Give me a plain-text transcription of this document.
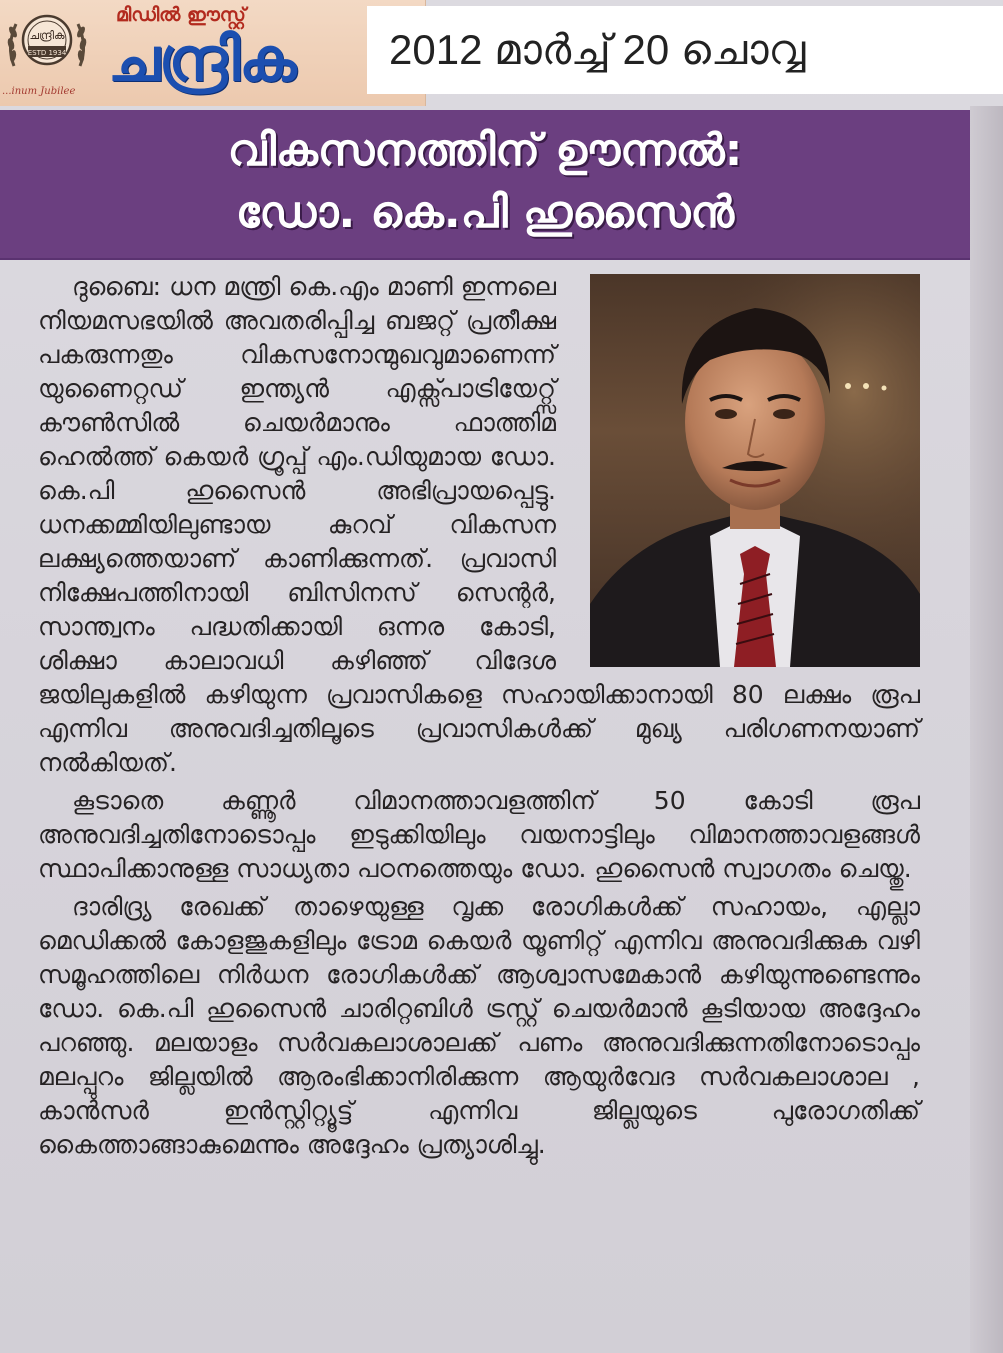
ചന്ദ്രിക
ESTD 1934
...inum Jubilee
മിഡിൽ ഈസ്റ്റ്
ചന്ദ്രിക	2012 മാർച്ച് 20 ചൊവ്വ
വികസനത്തിന് ഊന്നൽ:
ഡോ. കെ.പി ഹുസൈൻ

ദുബൈ: ധന മന്ത്രി കെ.എം മാണി ഇന്നലെ നിയമസഭയിൽ അവതരിപ്പിച്ച ബജറ്റ് പ്രതീക്ഷ പകരുന്നതും വികസനോന്മുഖവുമാണെന്ന് യുണൈറ്റഡ് ഇന്ത്യൻ എക്സ്പാട്രിയേറ്റ്സ് കൗൺസിൽ ചെയർമാനും ഫാത്തിമ ഹെൽത്ത് കെയർ ഗ്രൂപ്പ് എം.ഡിയുമായ ഡോ. കെ.പി ഹുസൈൻ അഭിപ്രായപ്പെട്ടു. ധനക്കമ്മിയിലുണ്ടായ കുറവ് വികസന ലക്ഷ്യത്തെയാണ് കാണിക്കുന്നത്. പ്രവാസി നിക്ഷേപത്തിനായി ബിസിനസ് സെന്റർ, സാന്ത്വനം പദ്ധതിക്കായി ഒന്നര കോടി, ശിക്ഷാ കാലാവധി കഴിഞ്ഞ് വിദേശ ജയിലുകളിൽ കഴിയുന്ന പ്രവാസികളെ സഹായിക്കാനായി 80 ലക്ഷം രൂപ എന്നിവ അനുവദിച്ചതിലൂടെ പ്രവാസികൾക്ക് മുഖ്യ പരിഗണനയാണ് നൽകിയത്.

കൂടാതെ കണ്ണൂർ വിമാനത്താവളത്തിന് 50 കോടി രൂപ അനുവദിച്ചതിനോടൊപ്പം ഇടുക്കിയിലും വയനാട്ടിലും വിമാനത്താവളങ്ങൾ സ്ഥാപിക്കാനുള്ള സാധ്യതാ പഠനത്തെയും ഡോ. ഹുസൈൻ സ്വാഗതം ചെയ്തു.

ദാരിദ്ര്യ രേഖക്ക് താഴെയുള്ള വൃക്ക രോഗികൾക്ക് സഹായം, എല്ലാ മെഡിക്കൽ കോളജുകളിലും ട്രോമ കെയർ യൂണിറ്റ് എന്നിവ അനുവദിക്കുക വഴി സമൂഹത്തിലെ നിർധന രോഗികൾക്ക് ആശ്വാസമേകാൻ കഴിയുന്നുണ്ടെന്നും ഡോ. കെ.പി ഹുസൈൻ ചാരിറ്റബിൾ ട്രസ്റ്റ് ചെയർമാൻ കൂടിയായ അദ്ദേഹം പറഞ്ഞു. മലയാളം സർവകലാശാലക്ക് പണം അനുവദിക്കുന്നതിനോടൊപ്പം മലപ്പുറം ജില്ലയിൽ ആരംഭിക്കാനിരിക്കുന്ന ആയുർവേദ സർവകലാശാല , കാൻസർ ഇൻസ്റ്റിറ്റ്യൂട്ട് എന്നിവ ജില്ലയുടെ പുരോഗതിക്ക് കൈത്താങ്ങാകുമെന്നും അദ്ദേഹം പ്രത്യാശിച്ചു.
